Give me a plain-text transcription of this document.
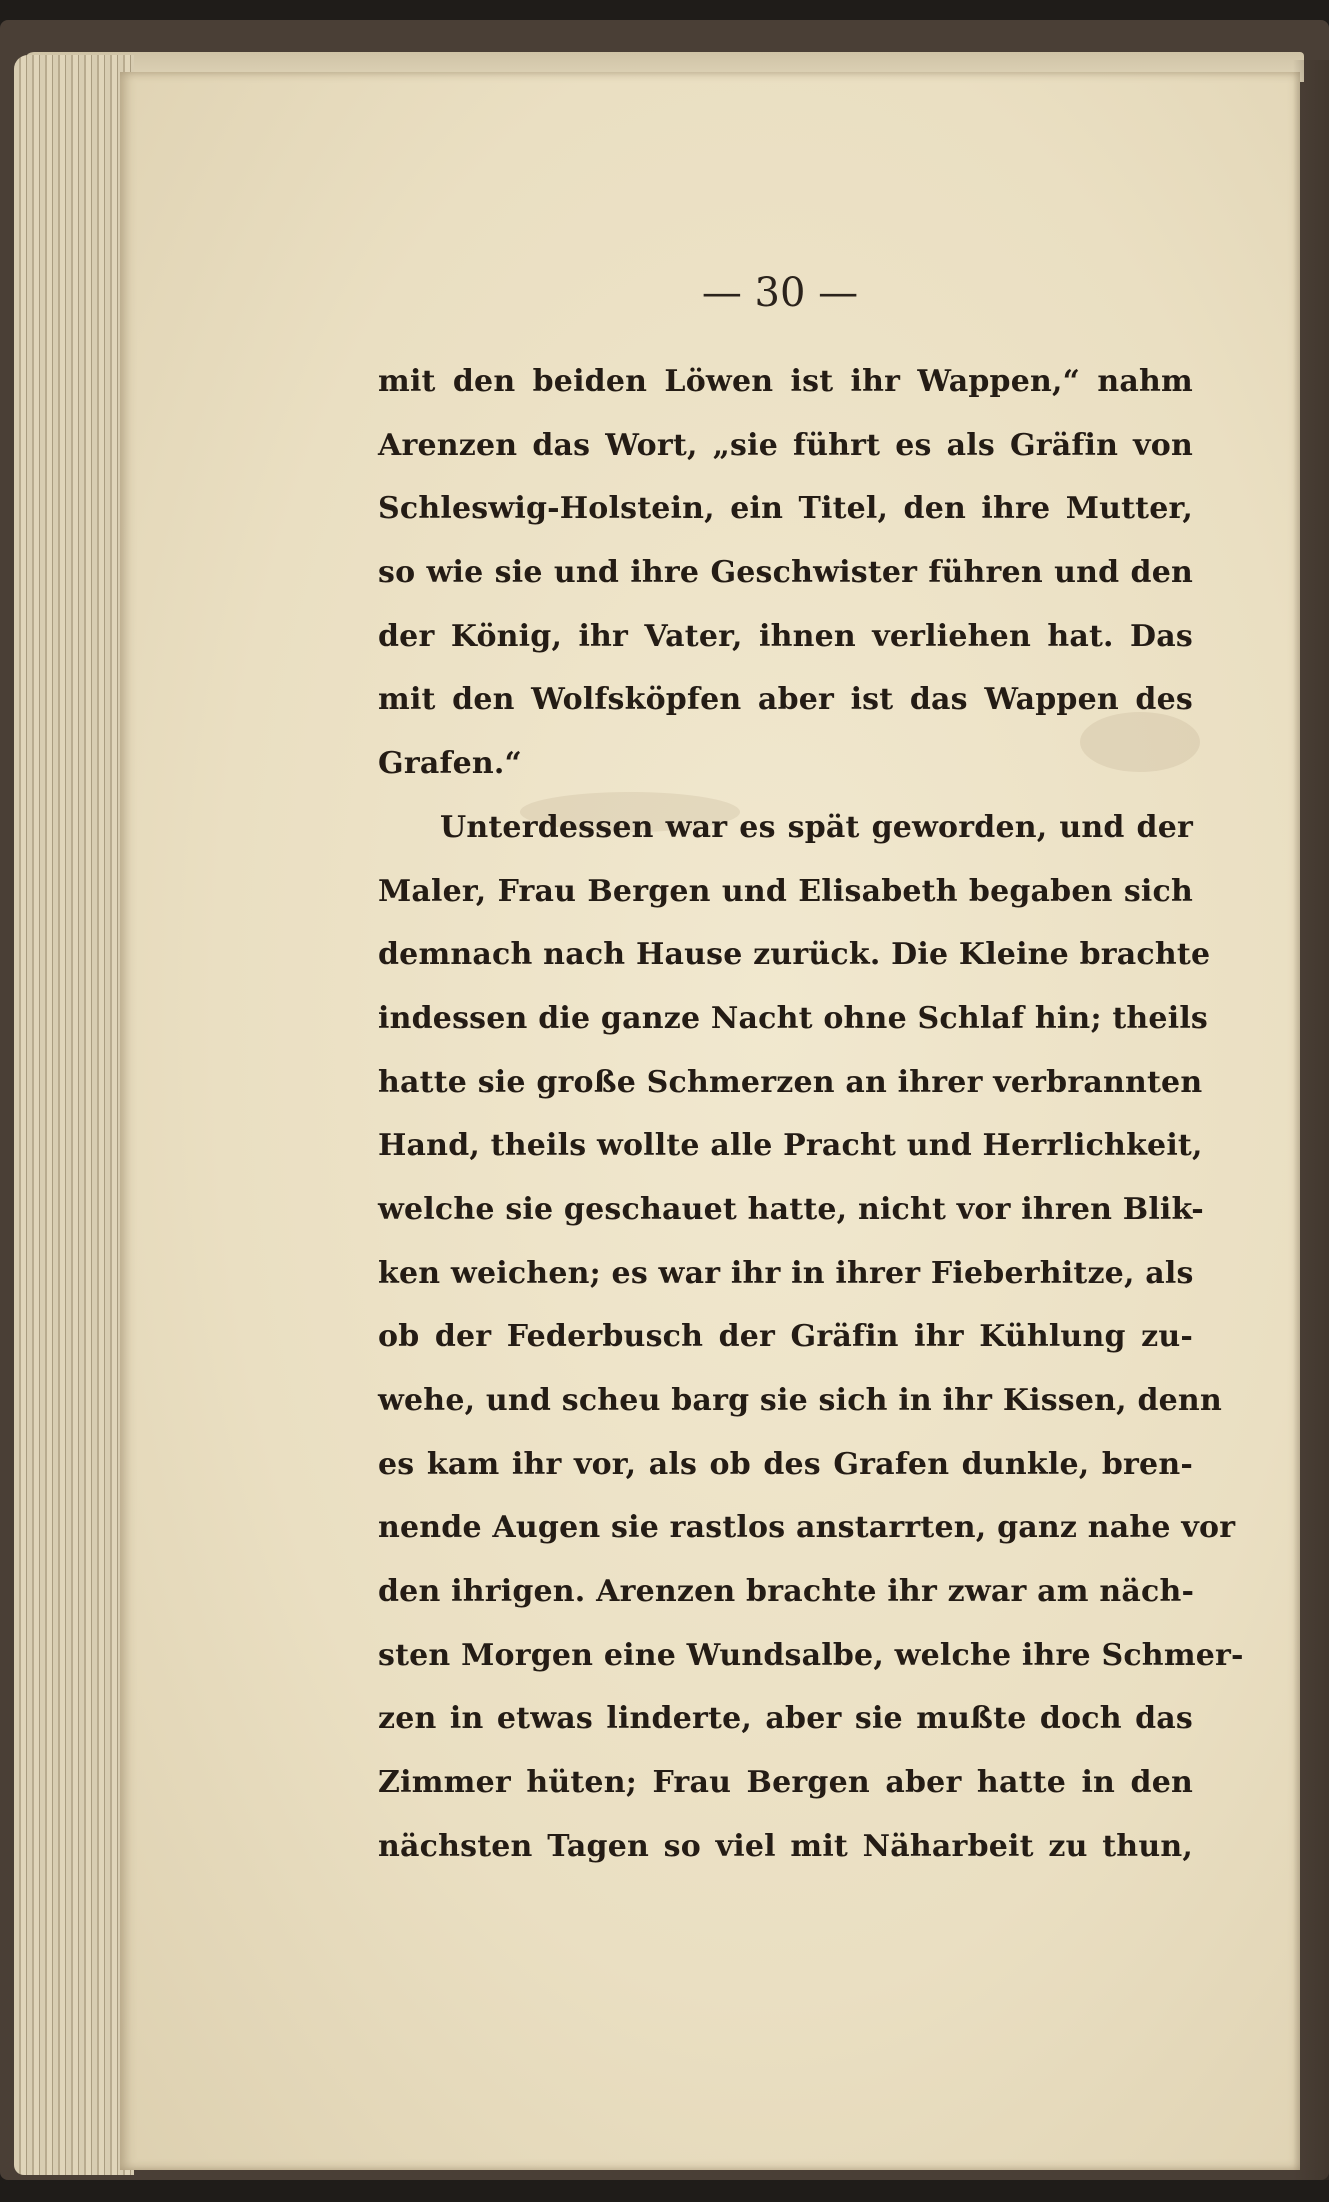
— 30 —
mit den beiden Löwen ist ihr Wappen,“ nahm
Arenzen das Wort, „sie führt es als Gräfin von
Schleswig-Holstein, ein Titel, den ihre Mutter,
so wie sie und ihre Geschwister führen und den
der König, ihr Vater, ihnen verliehen hat. Das
mit den Wolfsköpfen aber ist das Wappen des
Grafen.“
Unterdessen war es spät geworden, und der
Maler, Frau Bergen und Elisabeth begaben sich
demnach nach Hause zurück. Die Kleine brachte
indessen die ganze Nacht ohne Schlaf hin; theils
hatte sie große Schmerzen an ihrer verbrannten
Hand, theils wollte alle Pracht und Herrlichkeit,
welche sie geschauet hatte, nicht vor ihren Blik-
ken weichen; es war ihr in ihrer Fieberhitze, als
ob der Federbusch der Gräfin ihr Kühlung zu-
wehe, und scheu barg sie sich in ihr Kissen, denn
es kam ihr vor, als ob des Grafen dunkle, bren-
nende Augen sie rastlos anstarrten, ganz nahe vor
den ihrigen. Arenzen brachte ihr zwar am näch-
sten Morgen eine Wundsalbe, welche ihre Schmer-
zen in etwas linderte, aber sie mußte doch das
Zimmer hüten; Frau Bergen aber hatte in den
nächsten Tagen so viel mit Näharbeit zu thun,
